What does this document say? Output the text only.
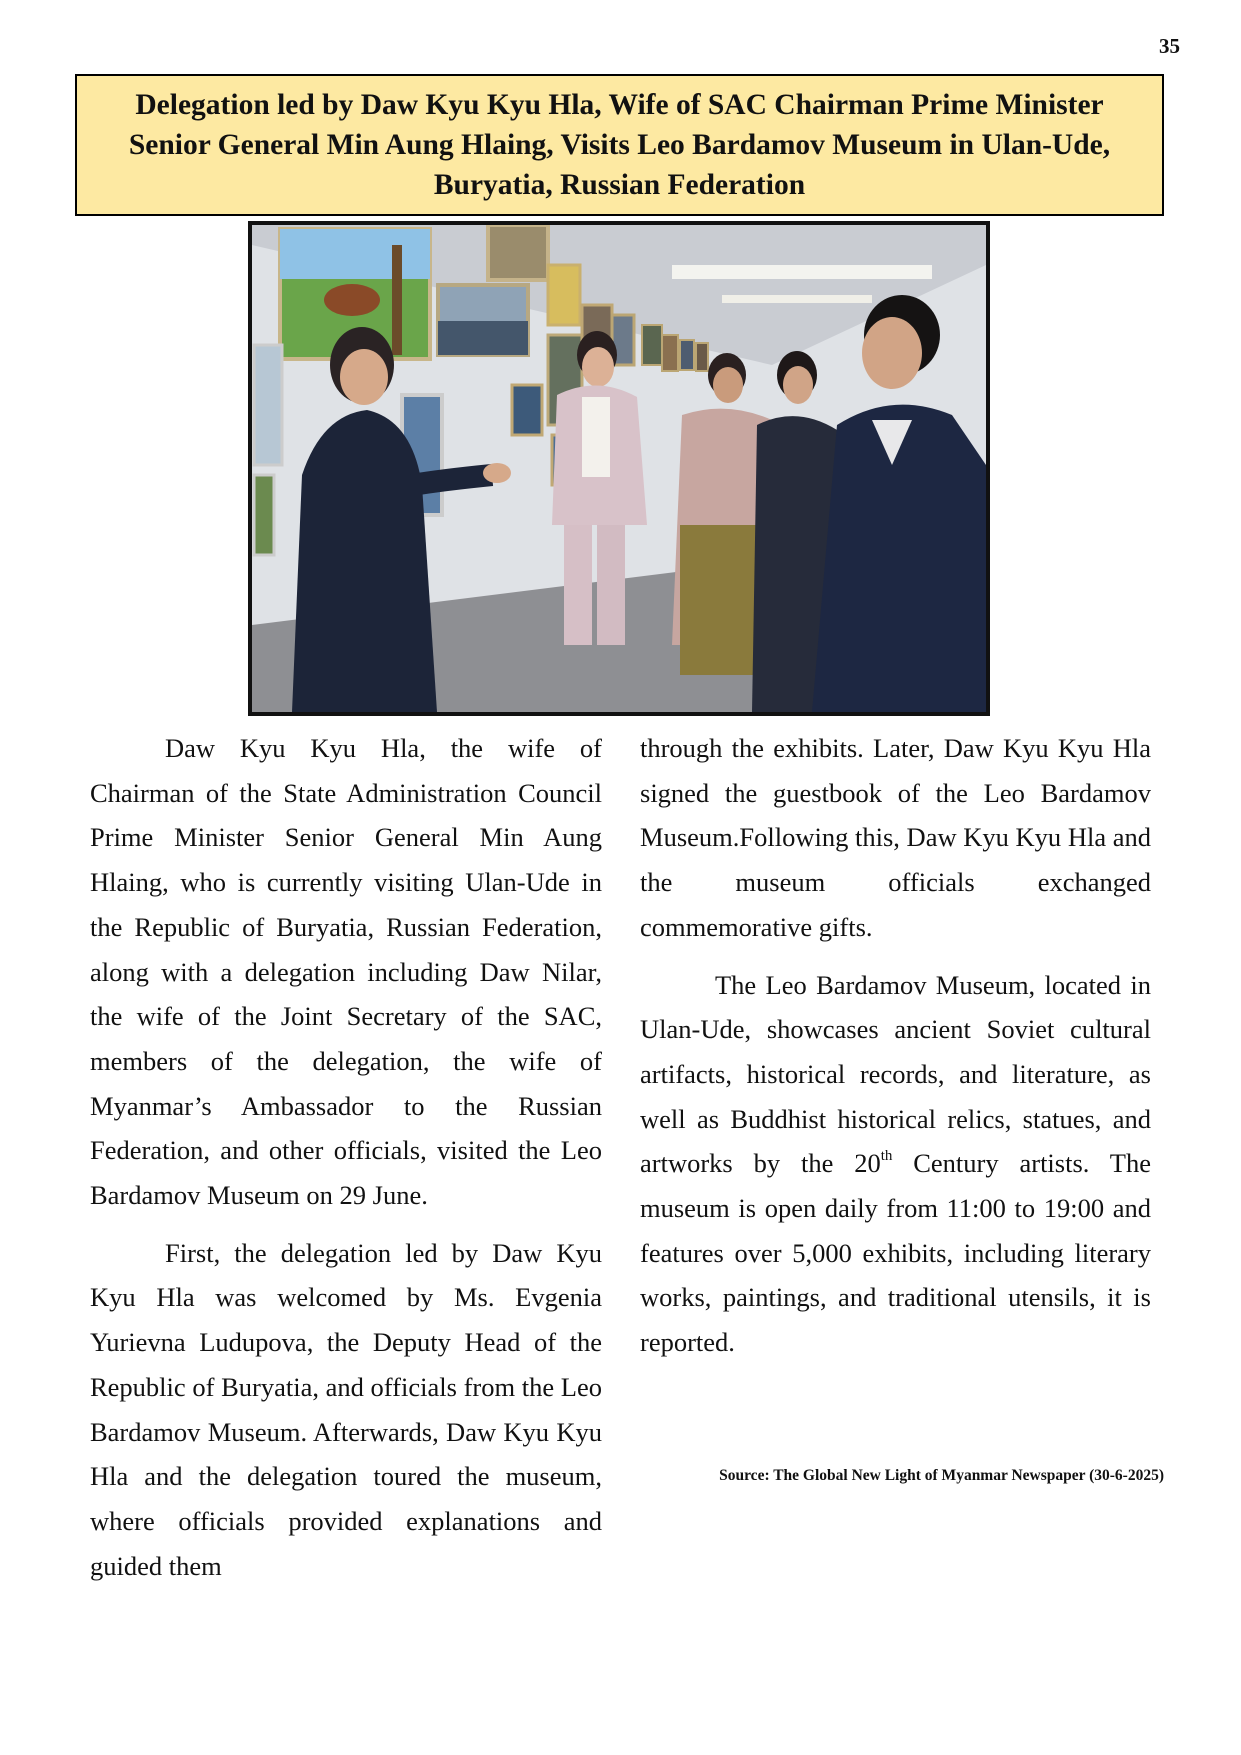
35
Delegation led by Daw Kyu Kyu Hla, Wife of SAC Chairman Prime Minister Senior General Min Aung Hlaing, Visits Leo Bardamov Museum in Ulan-Ude, Buryatia, Russian Federation

Daw Kyu Kyu Hla, the wife of Chairman of the State Administration Council Prime Minister Senior General Min Aung Hlaing, who is currently visiting Ulan-Ude in the Republic of Buryatia, Russian Federation, along with a delegation including Daw Nilar, the wife of the Joint Secretary of the SAC, members of the delegation, the wife of Myanmar’s Ambassador to the Russian Federation, and other officials, visited the Leo Bardamov Museum on 29 June.

First, the delegation led by Daw Kyu Kyu Hla was welcomed by Ms. Evgenia Yurievna Ludupova, the Deputy Head of the Republic of Buryatia, and officials from the Leo Bardamov Museum. Afterwards, Daw Kyu Kyu Hla and the delegation toured the museum, where officials provided explanations and guided them

through the exhibits. Later, Daw Kyu Kyu Hla signed the guestbook of the Leo Bardamov Museum.Following this, Daw Kyu Kyu Hla and the museum officials exchanged commemorative gifts.

The Leo Bardamov Museum, located in Ulan-Ude, showcases ancient Soviet cultural artifacts, historical records, and literature, as well as Buddhist historical relics, statues, and artworks by the 20th Century artists. The museum is open daily from 11:00 to 19:00 and features over 5,000 exhibits, including literary works, paintings, and traditional utensils, it is reported.

Source: The Global New Light of Myanmar Newspaper (30-6-2025)
